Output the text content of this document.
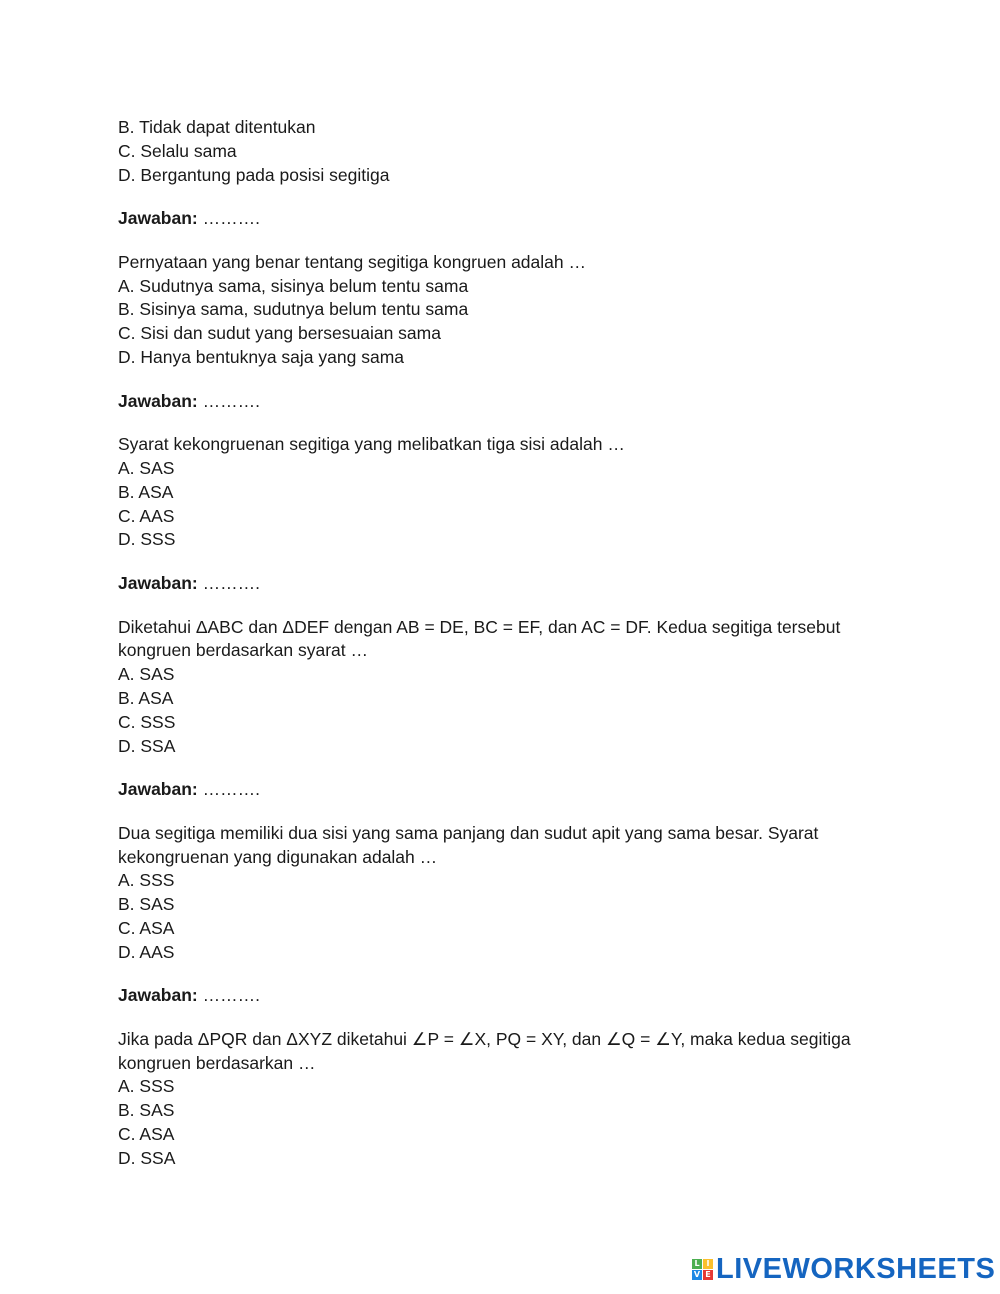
B. Tidak dapat ditentukan

C. Selalu sama

D. Bergantung pada posisi segitiga

Jawaban: ……….

Pernyataan yang benar tentang segitiga kongruen adalah …

A. Sudutnya sama, sisinya belum tentu sama

B. Sisinya sama, sudutnya belum tentu sama

C. Sisi dan sudut yang bersesuaian sama

D. Hanya bentuknya saja yang sama

Jawaban: ……….

Syarat kekongruenan segitiga yang melibatkan tiga sisi adalah …

A. SAS

B. ASA

C. AAS

D. SSS

Jawaban: ……….

Diketahui ΔABC dan ΔDEF dengan AB = DE, BC = EF, dan AC = DF. Kedua segitiga tersebut kongruen berdasarkan syarat …

A. SAS

B. ASA

C. SSS

D. SSA

Jawaban: ……….

Dua segitiga memiliki dua sisi yang sama panjang dan sudut apit yang sama besar. Syarat kekongruenan yang digunakan adalah …

A. SSS

B. SAS

C. ASA

D. AAS

Jawaban: ……….

Jika pada ΔPQR dan ΔXYZ diketahui ∠P = ∠X, PQ = XY, dan ∠Q = ∠Y, maka kedua segitiga kongruen berdasarkan …

A. SSS

B. SAS

C. ASA

D. SSA

L I
V E LIVEWORKSHEETS
